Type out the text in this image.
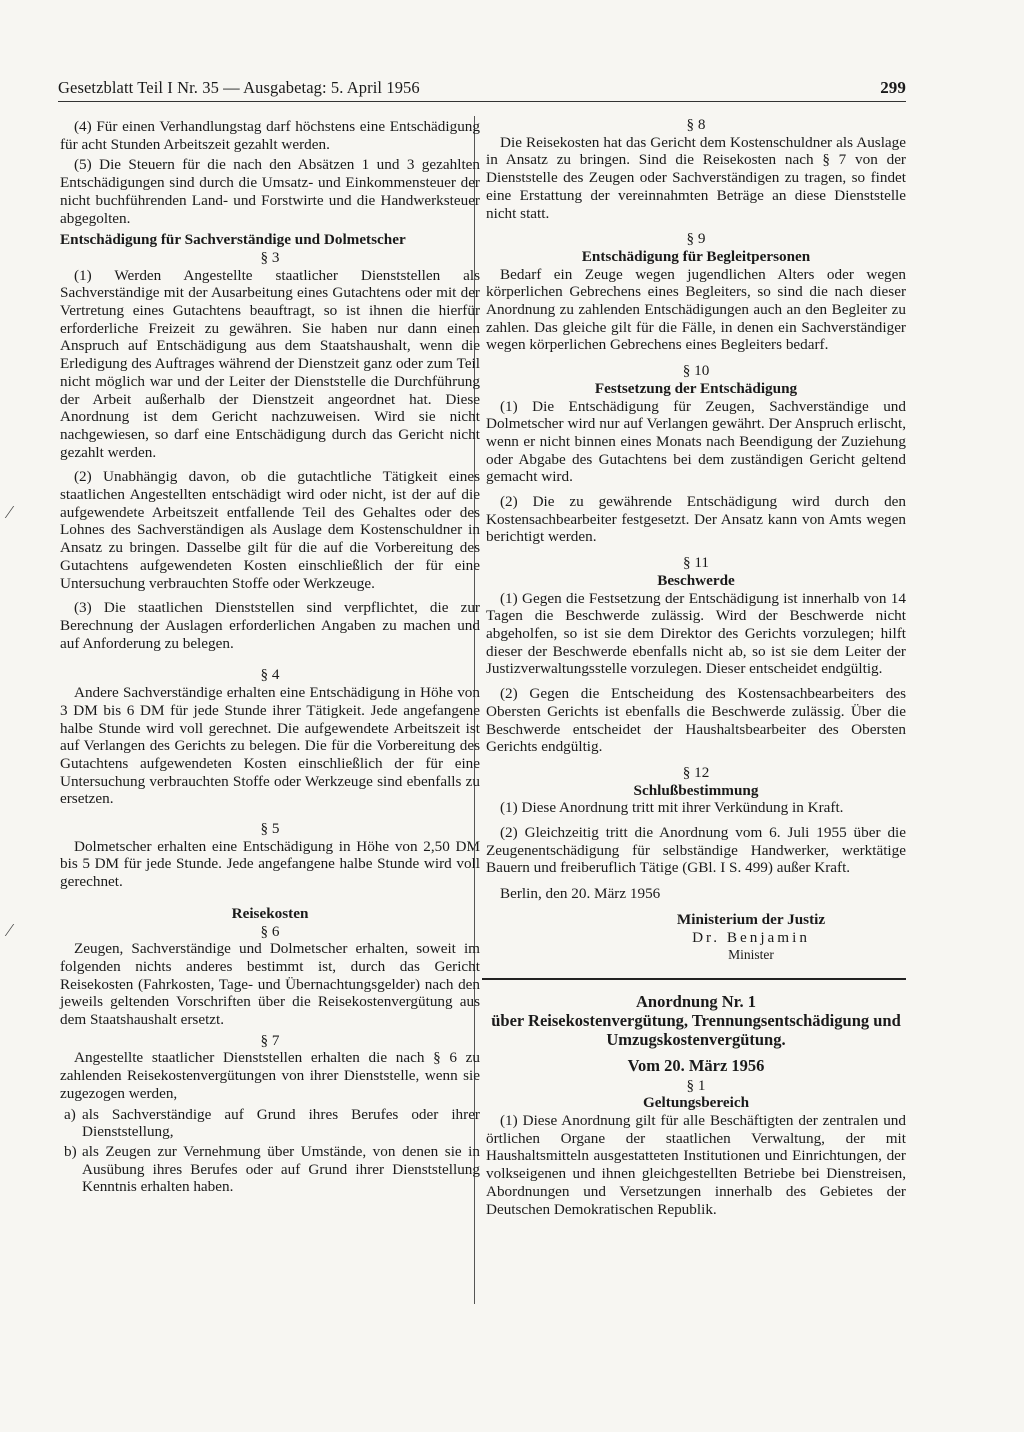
Gesetzblatt Teil I Nr. 35 — Ausgabetag: 5. April 1956	299
⁄
⁄

(4) Für einen Verhandlungstag darf höchstens eine Entschädigung für acht Stunden Arbeitszeit gezahlt werden.

(5) Die Steuern für die nach den Absätzen 1 und 3 gezahlten Entschädigungen sind durch die Umsatz- und Einkommensteuer der nicht buchführenden Land- und Forstwirte und die Handwerksteuer abgegolten.

Entschädigung für Sachverständige und Dolmetscher
§ 3

(1) Werden Angestellte staatlicher Dienststellen als Sachverständige mit der Ausarbeitung eines Gutachtens oder mit der Vertretung eines Gutachtens beauftragt, so ist ihnen die hierfür erforderliche Freizeit zu gewähren. Sie haben nur dann einen Anspruch auf Entschädigung aus dem Staatshaushalt, wenn die Erledigung des Auftrages während der Dienstzeit ganz oder zum Teil nicht möglich war und der Leiter der Dienststelle die Durchführung der Arbeit außerhalb der Dienstzeit angeordnet hat. Diese Anordnung ist dem Gericht nachzuweisen. Wird sie nicht nachgewiesen, so darf eine Entschädigung durch das Gericht nicht gezahlt werden.

(2) Unabhängig davon, ob die gutachtliche Tätigkeit eines staatlichen Angestellten entschädigt wird oder nicht, ist der auf die aufgewendete Arbeitszeit entfallende Teil des Gehaltes oder des Lohnes des Sachverständigen als Auslage dem Kostenschuldner in Ansatz zu bringen. Dasselbe gilt für die auf die Vorbereitung des Gutachtens aufgewendeten Kosten einschließlich der für eine Untersuchung verbrauchten Stoffe oder Werkzeuge.

(3) Die staatlichen Dienststellen sind verpflichtet, die zur Berechnung der Auslagen erforderlichen Angaben zu machen und auf Anforderung zu belegen.

§ 4

Andere Sachverständige erhalten eine Entschädigung in Höhe von 3 DM bis 6 DM für jede Stunde ihrer Tätigkeit. Jede angefangene halbe Stunde wird voll gerechnet. Die aufgewendete Arbeitszeit ist auf Verlangen des Gerichts zu belegen. Die für die Vorbereitung des Gutachtens aufgewendeten Kosten einschließlich der für eine Untersuchung verbrauchten Stoffe oder Werkzeuge sind ebenfalls zu ersetzen.

§ 5

Dolmetscher erhalten eine Entschädigung in Höhe von 2,50 DM bis 5 DM für jede Stunde. Jede angefangene halbe Stunde wird voll gerechnet.

Reisekosten
§ 6

Zeugen, Sachverständige und Dolmetscher erhalten, soweit im folgenden nichts anderes bestimmt ist, durch das Gericht Reisekosten (Fahrkosten, Tage- und Übernachtungsgelder) nach den jeweils geltenden Vorschriften über die Reisekostenvergütung aus dem Staatshaushalt ersetzt.

§ 7

Angestellte staatlicher Dienststellen erhalten die nach § 6 zu zahlenden Reisekostenvergütungen von ihrer Dienststelle, wenn sie zugezogen werden,

a) als Sachverständige auf Grund ihres Berufes oder ihrer Dienststellung,
b) als Zeugen zur Vernehmung über Umstände, von denen sie in Ausübung ihres Berufes oder auf Grund ihrer Dienststellung Kenntnis erhalten haben.
§ 8

Die Reisekosten hat das Gericht dem Kostenschuldner als Auslage in Ansatz zu bringen. Sind die Reisekosten nach § 7 von der Dienststelle des Zeugen oder Sachverständigen zu tragen, so findet eine Erstattung der vereinnahmten Beträge an diese Dienststelle nicht statt.

§ 9
Entschädigung für Begleitpersonen

Bedarf ein Zeuge wegen jugendlichen Alters oder wegen körperlichen Gebrechens eines Begleiters, so sind die nach dieser Anordnung zu zahlenden Entschädigungen auch an den Begleiter zu zahlen. Das gleiche gilt für die Fälle, in denen ein Sachverständiger wegen körperlichen Gebrechens eines Begleiters bedarf.

§ 10
Festsetzung der Entschädigung

(1) Die Entschädigung für Zeugen, Sachverständige und Dolmetscher wird nur auf Verlangen gewährt. Der Anspruch erlischt, wenn er nicht binnen eines Monats nach Beendigung der Zuziehung oder Abgabe des Gutachtens bei dem zuständigen Gericht geltend gemacht wird.

(2) Die zu gewährende Entschädigung wird durch den Kostensachbearbeiter festgesetzt. Der Ansatz kann von Amts wegen berichtigt werden.

§ 11
Beschwerde

(1) Gegen die Festsetzung der Entschädigung ist innerhalb von 14 Tagen die Beschwerde zulässig. Wird der Beschwerde nicht abgeholfen, so ist sie dem Direktor des Gerichts vorzulegen; hilft dieser der Beschwerde ebenfalls nicht ab, so ist sie dem Leiter der Justizverwaltungsstelle vorzulegen. Dieser entscheidet endgültig.

(2) Gegen die Entscheidung des Kostensachbearbeiters des Obersten Gerichts ist ebenfalls die Beschwerde zulässig. Über die Beschwerde entscheidet der Haushaltsbearbeiter des Obersten Gerichts endgültig.

§ 12
Schlußbestimmung

(1) Diese Anordnung tritt mit ihrer Verkündung in Kraft.

(2) Gleichzeitig tritt die Anordnung vom 6. Juli 1955 über die Zeugenentschädigung für selbständige Handwerker, werktätige Bauern und freiberuflich Tätige (GBl. I S. 499) außer Kraft.

Berlin, den 20. März 1956

Ministerium der Justiz
Dr. Benjamin
Minister
Anordnung Nr. 1
über Reisekostenvergütung, Trennungsentschädigung und Umzugskostenvergütung.
Vom 20. März 1956
§ 1
Geltungsbereich

(1) Diese Anordnung gilt für alle Beschäftigten der zentralen und örtlichen Organe der staatlichen Verwaltung, der mit Haushaltsmitteln ausgestatteten Institutionen und Einrichtungen, der volkseigenen und ihnen gleichgestellten Betriebe bei Dienstreisen, Abordnungen und Versetzungen innerhalb des Gebietes der Deutschen Demokratischen Republik.
